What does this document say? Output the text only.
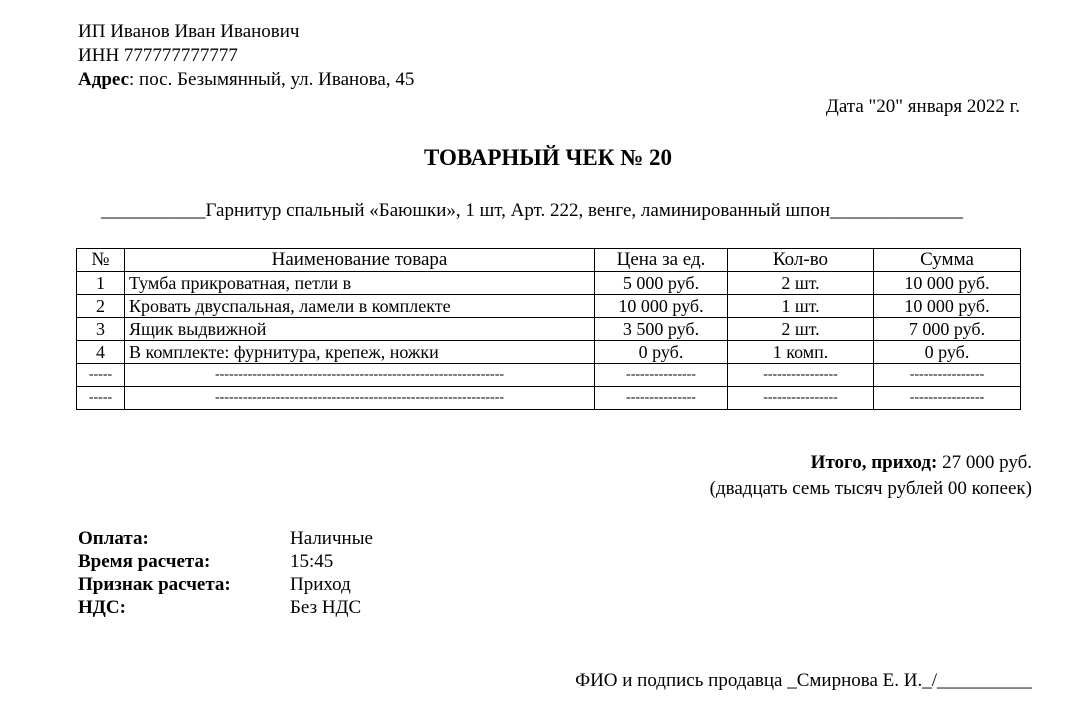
ИП Иванов Иван Иванович
ИНН 777777777777
Адрес: пос. Безымянный, ул. Иванова, 45
Дата "20" января 2022 г.
ТОВАРНЫЙ ЧЕК № 20
___________Гарнитур спальный «Баюшки», 1 шт, Арт. 222, венге, ламинированный шпон______________
№	Наименование товара	Цена за ед.	Кол-во	Сумма
1	Тумба прикроватная, петли в	5 000 руб.	2 шт.	10 000 руб.
2	Кровать двуспальная, ламели в комплекте	10 000 руб.	1 шт.	10 000 руб.
3	Ящик выдвижной	3 500 руб.	2 шт.	7 000 руб.
4	В комплекте: фурнитура, крепеж, ножки	0 руб.	1 комп.	0 руб.
-----	--------------------------------------------------------------	---------------	----------------	----------------
-----	--------------------------------------------------------------	---------------	----------------	----------------
Итого, приход: 27 000 руб.
(двадцать семь тысяч рублей 00 копеек)
Оплата:	Наличные
Время расчета:	15:45
Признак расчета:	Приход
НДС:	Без НДС
ФИО и подпись продавца _Смирнова Е. И._/__________
